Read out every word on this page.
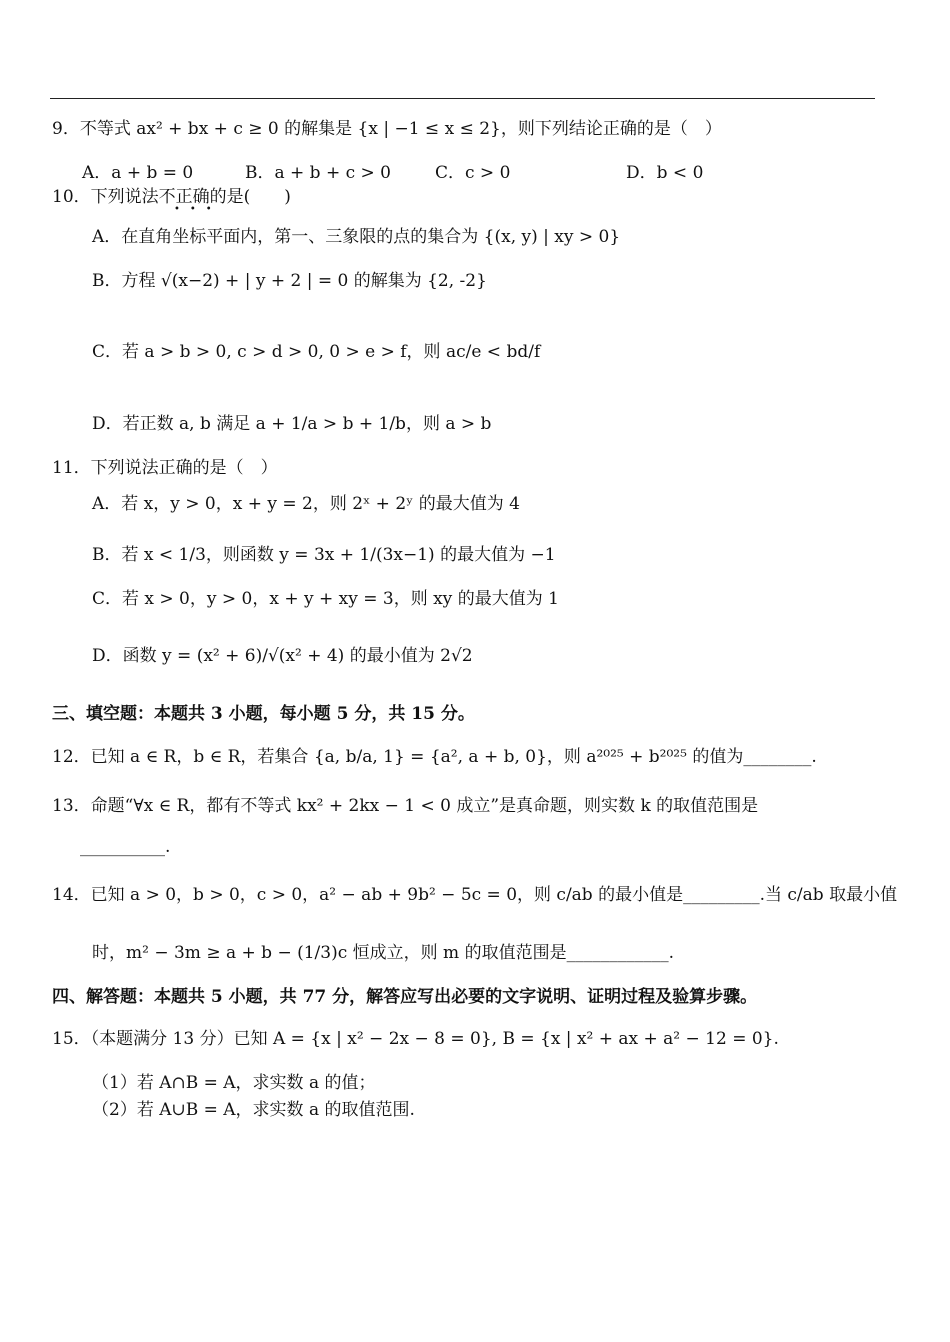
9．不等式 ax² + bx + c ≥ 0 的解集是 {x | −1 ≤ x ≤ 2}，则下列结论正确的是（　）
A．a + b = 0	B．a + b + c > 0	C．c > 0	D．b < 0
10．下列说法不正确的是(　　)
•••
A．在直角坐标平面内，第一、三象限的点的集合为 {(x, y) | xy > 0}
B．方程 √(x−2) + | y + 2 | = 0 的解集为 {2, -2}
C．若 a > b > 0, c > d > 0, 0 > e > f，则 ac/e < bd/f
D．若正数 a, b 满足 a + 1/a > b + 1/b，则 a > b
11．下列说法正确的是（　）
A．若 x，y > 0，x + y = 2，则 2ˣ + 2ʸ 的最大值为 4
B．若 x < 1/3，则函数 y = 3x + 1/(3x−1) 的最大值为 −1
C．若 x > 0，y > 0，x + y + xy = 3，则 xy 的最大值为 1
D．函数 y = (x² + 6)/√(x² + 4) 的最小值为 2√2
三、填空题：本题共 3 小题，每小题 5 分，共 15 分。
12．已知 a ∈ R，b ∈ R，若集合 {a, b/a, 1} = {a², a + b, 0}，则 a²⁰²⁵ + b²⁰²⁵ 的值为________.
13．命题“∀x ∈ R，都有不等式 kx² + 2kx − 1 < 0 成立”是真命题，则实数 k 的取值范围是
__________.
14．已知 a > 0，b > 0，c > 0，a² − ab + 9b² − 5c = 0，则 c/ab 的最小值是_________.当 c/ab 取最小值
时，m² − 3m ≥ a + b − (1/3)c 恒成立，则 m 的取值范围是____________.
四、解答题：本题共 5 小题，共 77 分，解答应写出必要的文字说明、证明过程及验算步骤。
15．（本题满分 13 分）已知 A = {x | x² − 2x − 8 = 0}, B = {x | x² + ax + a² − 12 = 0}.
（1）若 A∩B = A，求实数 a 的值；
（2）若 A∪B = A，求实数 a 的取值范围.
